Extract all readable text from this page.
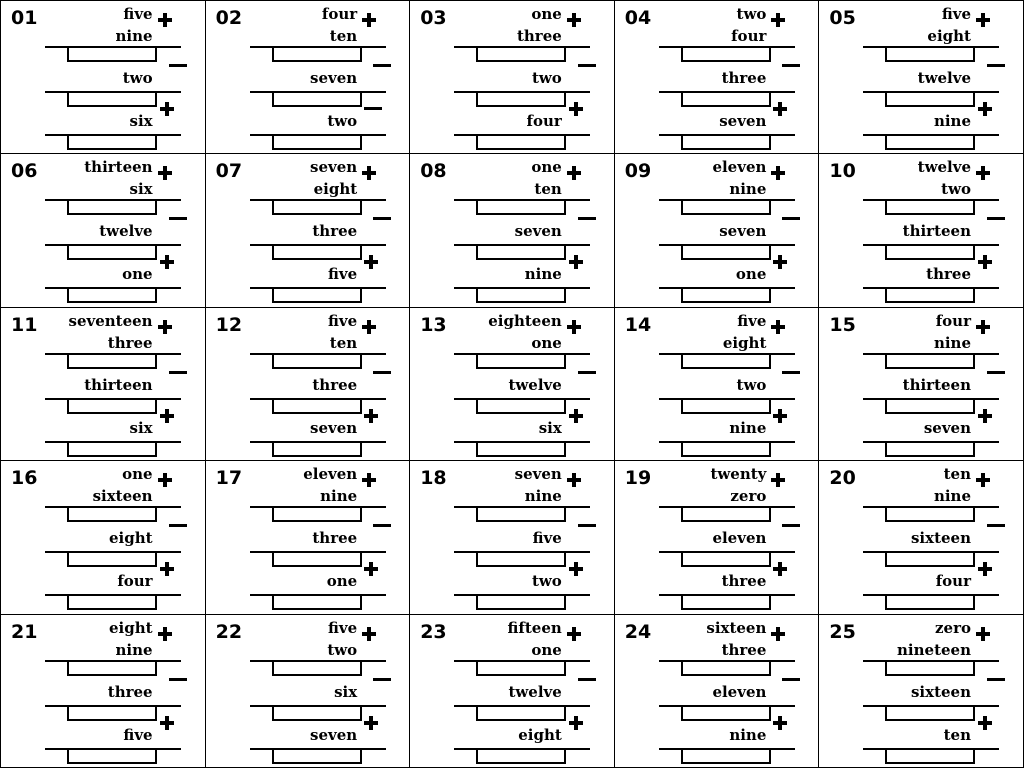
01	five
nine
two
six
02	four
ten
seven
two
03	one
three
two
four
04	two
four
three
seven
05	five
eight
twelve
nine
06	thirteen
six
twelve
one
07	seven
eight
three
five
08	one
ten
seven
nine
09	eleven
nine
seven
one
10	twelve
two
thirteen
three
11 seventeen
three
thirteen
six
12	five
ten
three
seven
13	eighteen
one
twelve
six
14	five
eight
two
nine
15	four
nine
thirteen
seven
16	one
sixteen
eight
four
17	eleven
nine
three
one
18	seven
nine
five
two
19	twenty
zero
eleven
three
20	ten
nine
sixteen
four
21	eight
nine
three
five
22	five
two
six
seven
23	fifteen
one
twelve
eight
24	sixteen
three
eleven
nine
25	zero
nineteen
sixteen
ten
